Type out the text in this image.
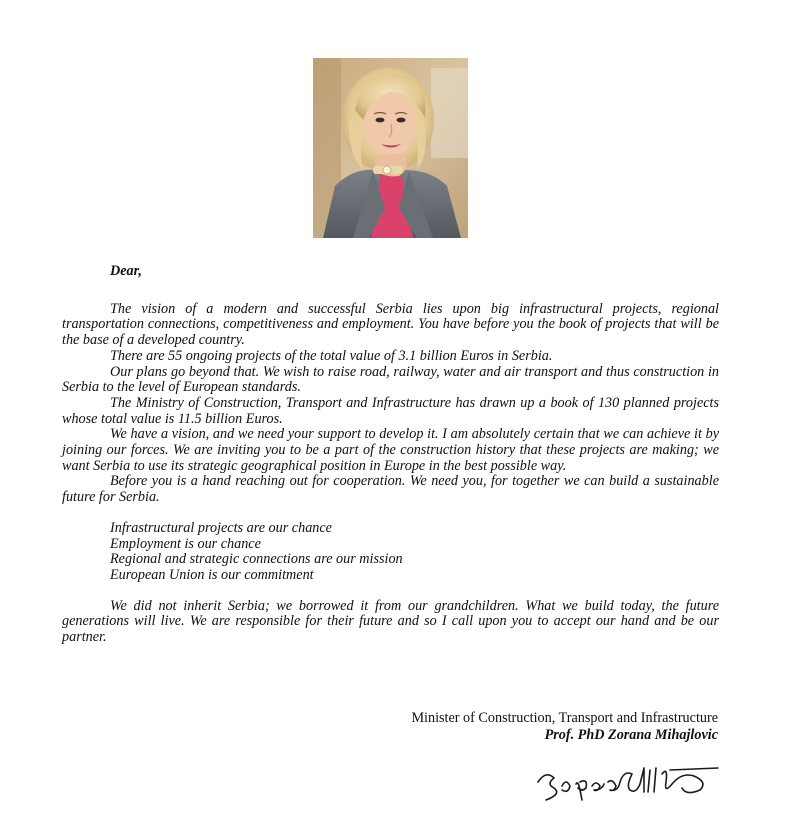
Dear,

The vision of a modern and successful Serbia lies upon big infrastructural projects, regional transportation connections, competitiveness and employment. You have before you the book of projects that will be the base of a developed country.

There are 55 ongoing projects of the total value of 3.1 billion Euros in Serbia.

Our plans go beyond that. We wish to raise road, railway, water and air transport and thus construction in Serbia to the level of European standards.

The Ministry of Construction, Transport and Infrastructure has drawn up a book of 130 planned projects whose total value is 11.5 billion Euros.

We have a vision, and we need your support to develop it. I am absolutely certain that we can achieve it by joining our forces. We are inviting you to be a part of the construction history that these projects are making; we want Serbia to use its strategic geographical position in Europe in the best possible way.

Before you is a hand reaching out for cooperation. We need you, for together we can build a sustainable future for Serbia.

Infrastructural projects are our chance
Employment is our chance
Regional and strategic connections are our mission
European Union is our commitment

We did not inherit Serbia; we borrowed it from our grandchildren. What we build today, the future generations will live. We are responsible for their future and so I call upon you to accept our hand and be our partner.

Minister of Construction, Transport and Infrastructure
Prof. PhD Zorana Mihajlovic
